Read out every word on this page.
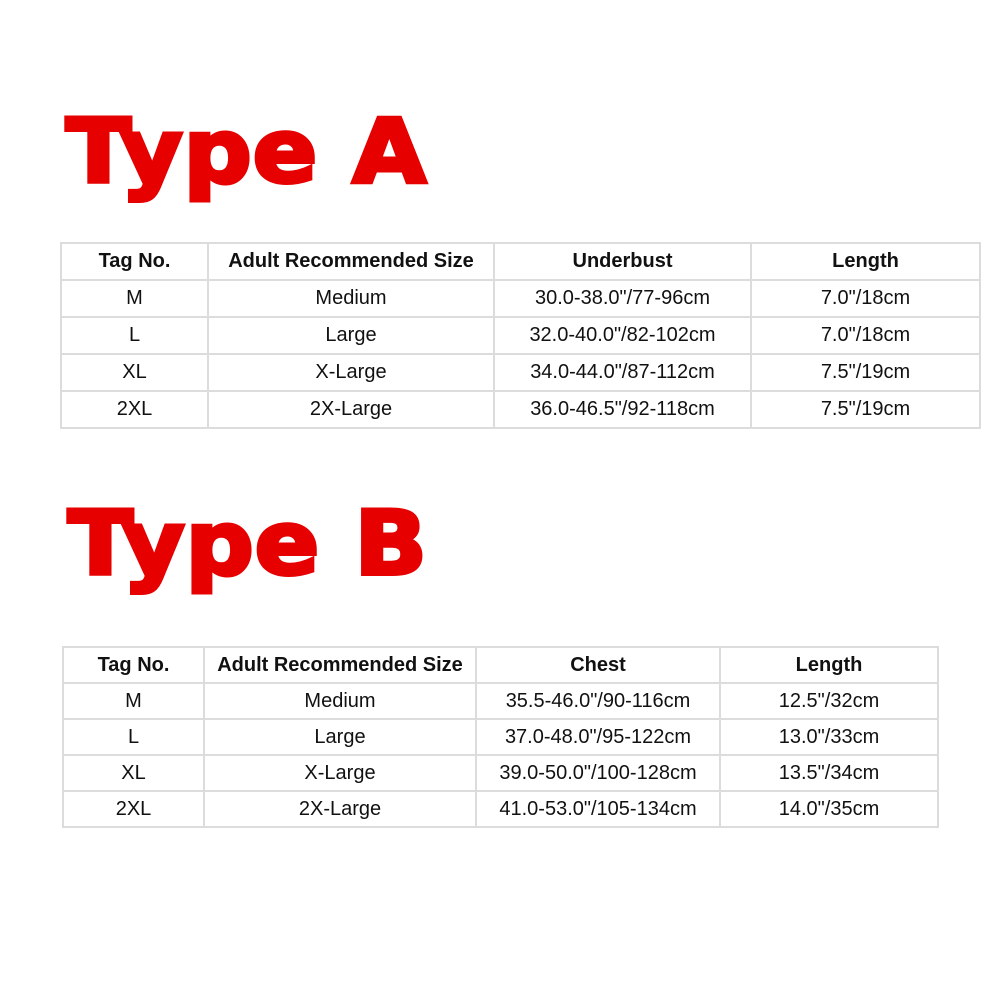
Type A
Tag No.	Adult Recommended Size	Underbust	Length
M	Medium	30.0-38.0"/77-96cm	7.0"/18cm
L	Large	32.0-40.0"/82-102cm	7.0"/18cm
XL	X-Large	34.0-44.0"/87-112cm	7.5"/19cm
2XL	2X-Large	36.0-46.5"/92-118cm	7.5"/19cm
Type B
Tag No.	Adult Recommended Size	Chest	Length
M	Medium	35.5-46.0"/90-116cm	12.5"/32cm
L	Large	37.0-48.0"/95-122cm	13.0"/33cm
XL	X-Large	39.0-50.0"/100-128cm	13.5"/34cm
2XL	2X-Large	41.0-53.0"/105-134cm	14.0"/35cm
